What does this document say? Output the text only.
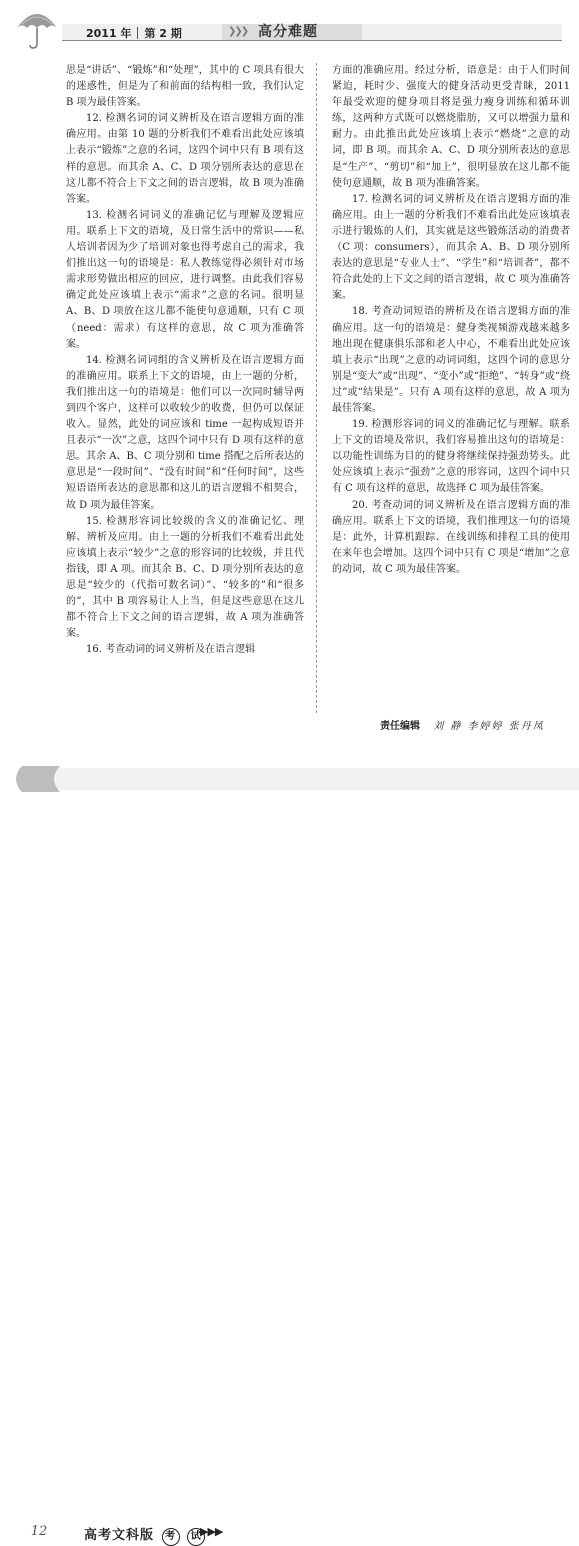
2011 年 第 2 期	❯❯❯ 高分难题

思是“讲话”、“锻炼”和“处理”，其中的 C 项具有很大的迷惑性，但是为了和前面的结构相一致，我们认定 B 项为最佳答案。

12. 检测名词的词义辨析及在语言逻辑方面的准确应用。由第 10 题的分析我们不难看出此处应该填上表示“锻炼”之意的名词，这四个词中只有 B 项有这样的意思。而其余 A、C、D 项分别所表达的意思在这儿都不符合上下文之间的语言逻辑，故 B 项为准确答案。

13. 检测名词词义的准确记忆与理解及逻辑应用。联系上下文的语境，及日常生活中的常识——私人培训者因为少了培训对象也得考虑自己的需求，我们推出这一句的语境是：私人教练觉得必须针对市场需求形势做出相应的回应，进行调整。由此我们容易确定此处应该填上表示“需求”之意的名词。很明显 A、B、D 项放在这儿都不能使句意通顺，只有 C 项（need：需求）有这样的意思，故 C 项为准确答案。

14. 检测名词词组的含义辨析及在语言逻辑方面的准确应用。联系上下文的语境，由上一题的分析，我们推出这一句的语境是：他们可以一次同时辅导两到四个客户，这样可以收较少的收费，但仍可以保证收入。显然，此处的词应该和 time 一起构成短语并且表示“一次”之意，这四个词中只有 D 项有这样的意思。其余 A、B、C 项分别和 time 搭配之后所表达的意思是“一段时间”、“没有时间”和“任何时间”，这些短语语所表达的意思都和这儿的语言逻辑不相契合，故 D 项为最佳答案。

15. 检测形容词比较级的含义的准确记忆、理解、辨析及应用。由上一题的分析我们不难看出此处应该填上表示“较少”之意的形容词的比较级，并且代指钱，即 A 项。而其余 B、C、D 项分别所表达的意思是“较少的（代指可数名词）”、“较多的”和“很多的”，其中 B 项容易让人上当，但是这些意思在这儿都不符合上下文之间的语言逻辑，故 A 项为准确答案。

16. 考查动词的词义辨析及在语言逻辑

方面的准确应用。经过分析，语意是：由于人们时间紧迫，耗时少、强度大的健身活动更受青睐，2011 年最受欢迎的健身项目将是强力瘦身训练和循环训练，这两种方式既可以燃烧脂肪，又可以增强力量和耐力。由此推出此处应该填上表示“燃烧”之意的动词，即 B 项。而其余 A、C、D 项分别所表达的意思是“生产”、“剪切”和“加上”，很明显放在这儿都不能使句意通顺，故 B 项为准确答案。

17. 检测名词的词义辨析及在语言逻辑方面的准确应用。由上一题的分析我们不难看出此处应该填表示进行锻炼的人们，其实就是这些锻炼活动的消费者（C 项：consumers），而其余 A、B、D 项分别所表达的意思是“专业人士”、“学生”和“培训者”，都不符合此处的上下文之间的语言逻辑，故 C 项为准确答案。

18. 考查动词短语的辨析及在语言逻辑方面的准确应用。这一句的语境是：健身类视频游戏越来越多地出现在健康俱乐部和老人中心，不难看出此处应该填上表示“出现”之意的动词词组，这四个词的意思分别是“变大”或“出现”、“变小”或“拒绝”、“转身”或“绕过”或“结果是”。只有 A 项有这样的意思，故 A 项为最佳答案。

19. 检测形容词的词义的准确记忆与理解。联系上下文的语境及常识，我们容易推出这句的语境是：以功能性训练为目的的健身将继续保持强劲势头。此处应该填上表示“强劲”之意的形容词，这四个词中只有 C 项有这样的意思，故选择 C 项为最佳答案。

20. 考查动词的词义辨析及在语言逻辑方面的准确应用。联系上下文的语境，我们推理这一句的语境是：此外，计算机跟踪、在线训练和排程工具的使用在来年也会增加。这四个词中只有 C 项是“增加”之意的动词，故 C 项为最佳答案。

责任编辑 刘 静 李婷婷 张丹凤
12	高考文科版 考 试
▶▶▶
